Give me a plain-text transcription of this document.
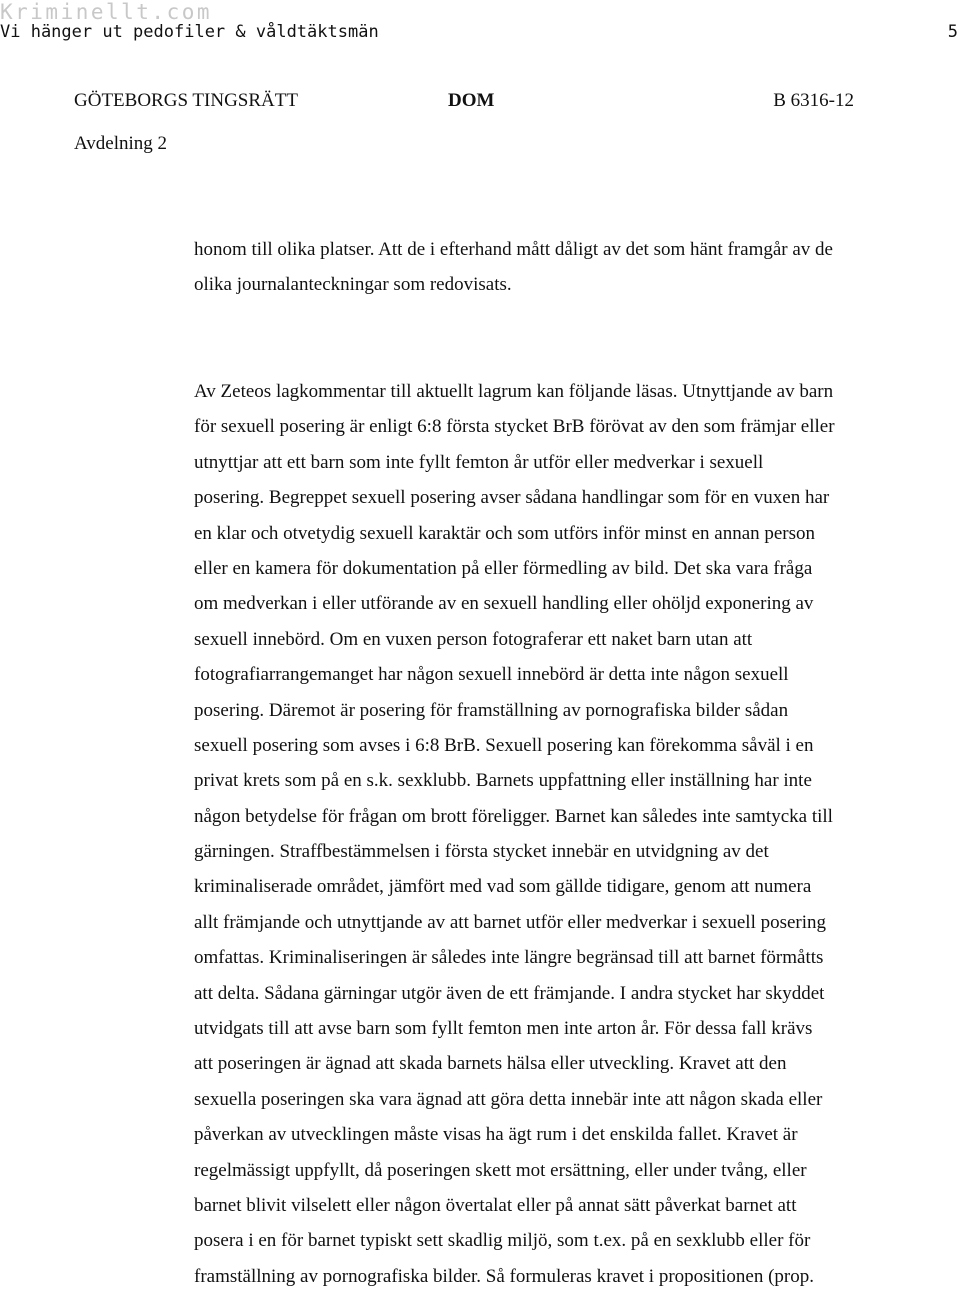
Kriminellt.com
Vi hänger ut pedofiler & våldtäktsmän	5
GÖTEBORGS TINGSRÄTT	DOM	B 6316-12
Avdelning 2
honom till olika platser. Att de i efterhand mått dåligt av det som hänt framgår av de
olika journalanteckningar som redovisats.
Av Zeteos lagkommentar till aktuellt lagrum kan följande läsas. Utnyttjande av barn
för sexuell posering är enligt 6:8 första stycket BrB förövat av den som främjar eller
utnyttjar att ett barn som inte fyllt femton år utför eller medverkar i sexuell
posering. Begreppet sexuell posering avser sådana handlingar som för en vuxen har
en klar och otvetydig sexuell karaktär och som utförs inför minst en annan person
eller en kamera för dokumentation på eller förmedling av bild. Det ska vara fråga
om medverkan i eller utförande av en sexuell handling eller ohöljd exponering av
sexuell innebörd. Om en vuxen person fotograferar ett naket barn utan att
fotografiarrangemanget har någon sexuell innebörd är detta inte någon sexuell
posering. Däremot är posering för framställning av pornografiska bilder sådan
sexuell posering som avses i 6:8 BrB. Sexuell posering kan förekomma såväl i en
privat krets som på en s.k. sexklubb. Barnets uppfattning eller inställning har inte
någon betydelse för frågan om brott föreligger. Barnet kan således inte samtycka till
gärningen. Straffbestämmelsen i första stycket innebär en utvidgning av det
kriminaliserade området, jämfört med vad som gällde tidigare, genom att numera
allt främjande och utnyttjande av att barnet utför eller medverkar i sexuell posering
omfattas. Kriminaliseringen är således inte längre begränsad till att barnet förmåtts
att delta. Sådana gärningar utgör även de ett främjande. I andra stycket har skyddet
utvidgats till att avse barn som fyllt femton men inte arton år. För dessa fall krävs
att poseringen är ägnad att skada barnets hälsa eller utveckling. Kravet att den
sexuella poseringen ska vara ägnad att göra detta innebär inte att någon skada eller
påverkan av utvecklingen måste visas ha ägt rum i det enskilda fallet. Kravet är
regelmässigt uppfyllt, då poseringen skett mot ersättning, eller under tvång, eller
barnet blivit vilselett eller någon övertalat eller på annat sätt påverkat barnet att
posera i en för barnet typiskt sett skadlig miljö, som t.ex. på en sexklubb eller för
framställning av pornografiska bilder. Så formuleras kravet i propositionen (prop.
